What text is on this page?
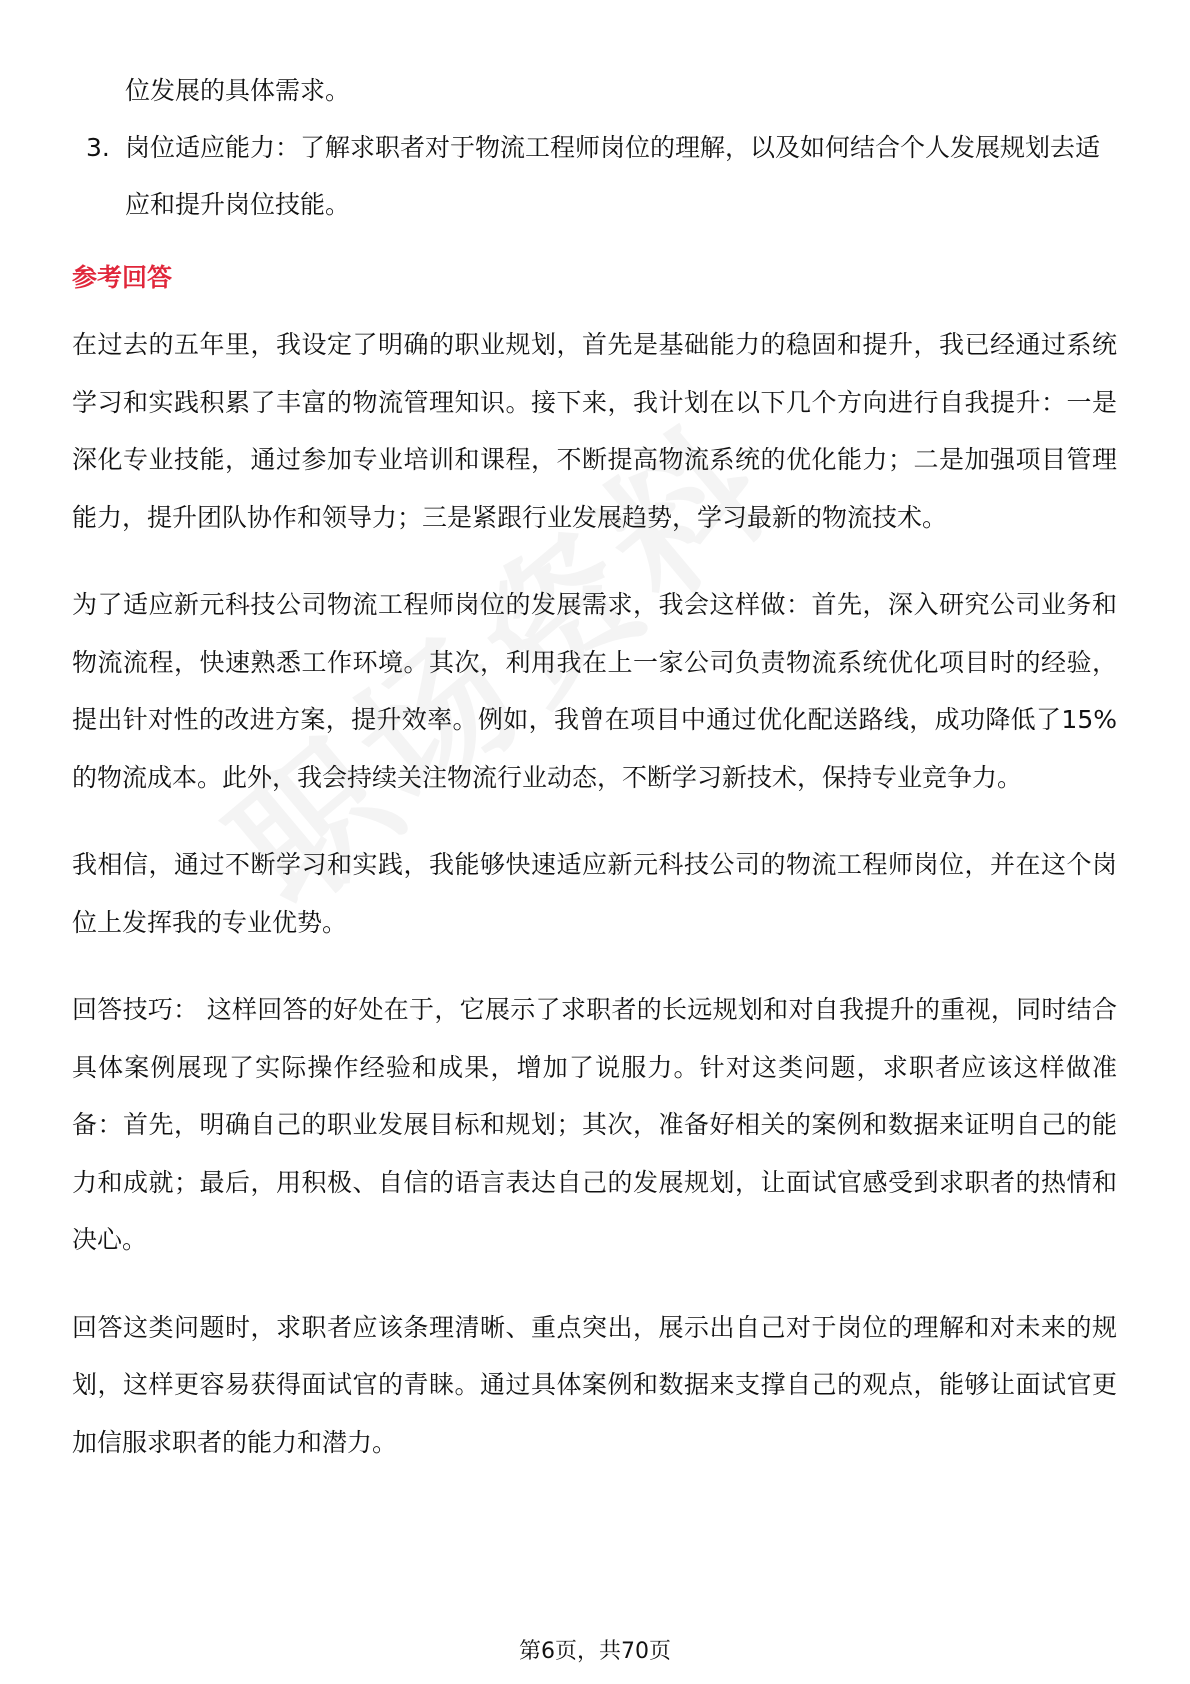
位发展的具体需求。

3. 岗位适应能力：了解求职者对于物流工程师岗位的理解，以及如何结合个人发展规划去适应和提升岗位技能。
参考回答

在过去的五年里，我设定了明确的职业规划，首先是基础能力的稳固和提升，我已经通过系统学习和实践积累了丰富的物流管理知识。接下来，我计划在以下几个方向进行自我提升：一是深化专业技能，通过参加专业培训和课程，不断提高物流系统的优化能力；二是加强项目管理能力，提升团队协作和领导力；三是紧跟行业发展趋势，学习最新的物流技术。

为了适应新元科技公司物流工程师岗位的发展需求，我会这样做：首先，深入研究公司业务和物流流程，快速熟悉工作环境。其次，利用我在上一家公司负责物流系统优化项目时的经验，提出针对性的改进方案，提升效率。例如，我曾在项目中通过优化配送路线，成功降低了15%的物流成本。此外，我会持续关注物流行业动态，不断学习新技术，保持专业竞争力。

我相信，通过不断学习和实践，我能够快速适应新元科技公司的物流工程师岗位，并在这个岗位上发挥我的专业优势。

回答技巧： 这样回答的好处在于，它展示了求职者的长远规划和对自我提升的重视，同时结合具体案例展现了实际操作经验和成果，增加了说服力。针对这类问题，求职者应该这样做准备：首先，明确自己的职业发展目标和规划；其次，准备好相关的案例和数据来证明自己的能力和成就；最后，用积极、自信的语言表达自己的发展规划，让面试官感受到求职者的热情和决心。

回答这类问题时，求职者应该条理清晰、重点突出，展示出自己对于岗位的理解和对未来的规划，这样更容易获得面试官的青睐。通过具体案例和数据来支撑自己的观点，能够让面试官更加信服求职者的能力和潜力。

第6页，共70页
